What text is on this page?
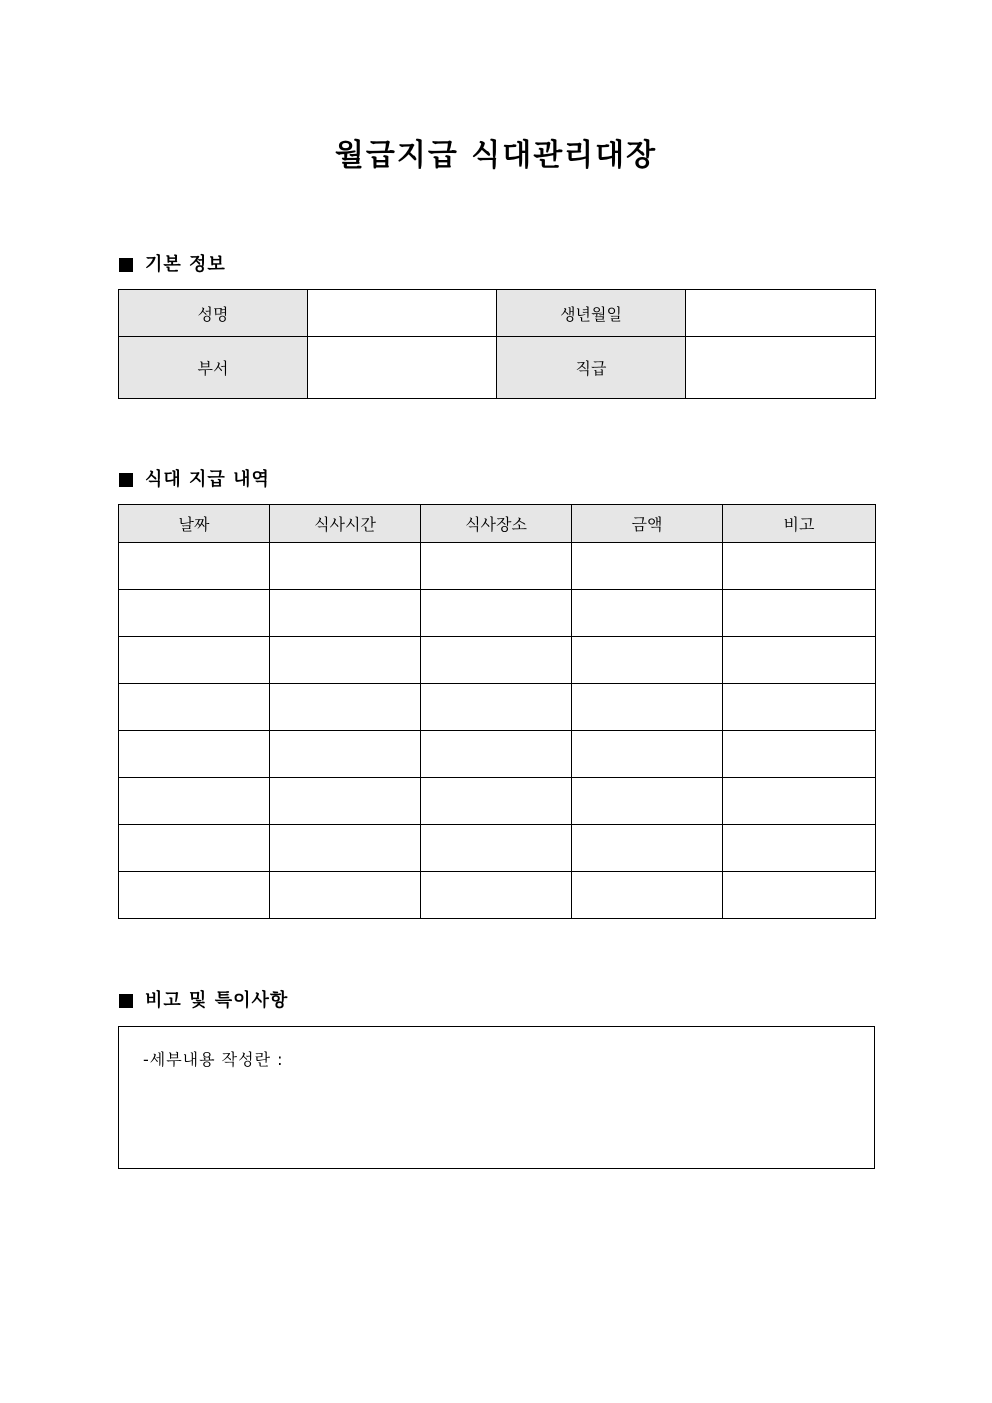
월급지급 식대관리대장
기본 정보
성명		생년월일	
부서		직급	
식대 지급 내역
날짜	식사시간	식사장소	금액	비고

비고 및 특이사항
-세부내용 작성란 :
